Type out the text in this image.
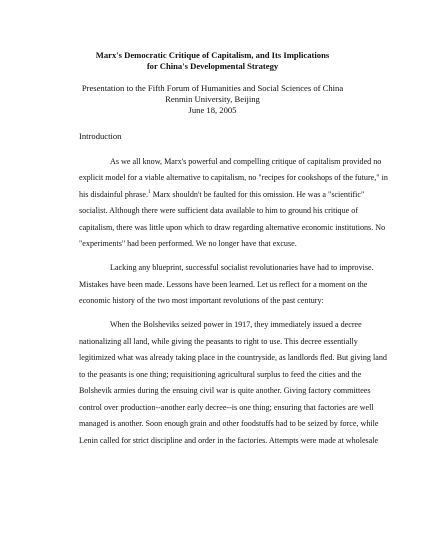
Marx's Democratic Critique of Capitalism, and Its Implications
for China's Developmental Strategy
Presentation to the Fifth Forum of Humanities and Social Sciences of China
Renmin University, Beijing
June 18, 2005
Introduction
As we all know, Marx's powerful and compelling critique of capitalism provided no
explicit model for a viable alternative to capitalism, no "recipes for cookshops of the future," in
his disdainful phrase.$^1$ Marx shouldn't be faulted for this omission. He was a "scientific"
socialist. Although there were sufficient data available to him to ground his critique of
capitalism, there was little upon which to draw regarding alternative economic institutions. No
"experiments" had been performed. We no longer have that excuse.
Lacking any blueprint, successful socialist revolutionaries have had to improvise.
Mistakes have been made. Lessons have been learned. Let us reflect for a moment on the
economic history of the two most important revolutions of the past century:
When the Bolsheviks seized power in 1917, they immediately issued a decree
nationalizing all land, while giving the peasants to right to use. This decree essentially
legitimized what was already taking place in the countryside, as landlords fled. But giving land
to the peasants is one thing; requisitioning agricultural surplus to feed the cities and the
Bolshevik armies during the ensuing civil war is quite another. Giving factory committees
control over production--another early decree--is one thing; ensuring that factories are well
managed is another. Soon enough grain and other foodstuffs had to be seized by force, while
Lenin called for strict discipline and order in the factories. Attempts were made at wholesale
